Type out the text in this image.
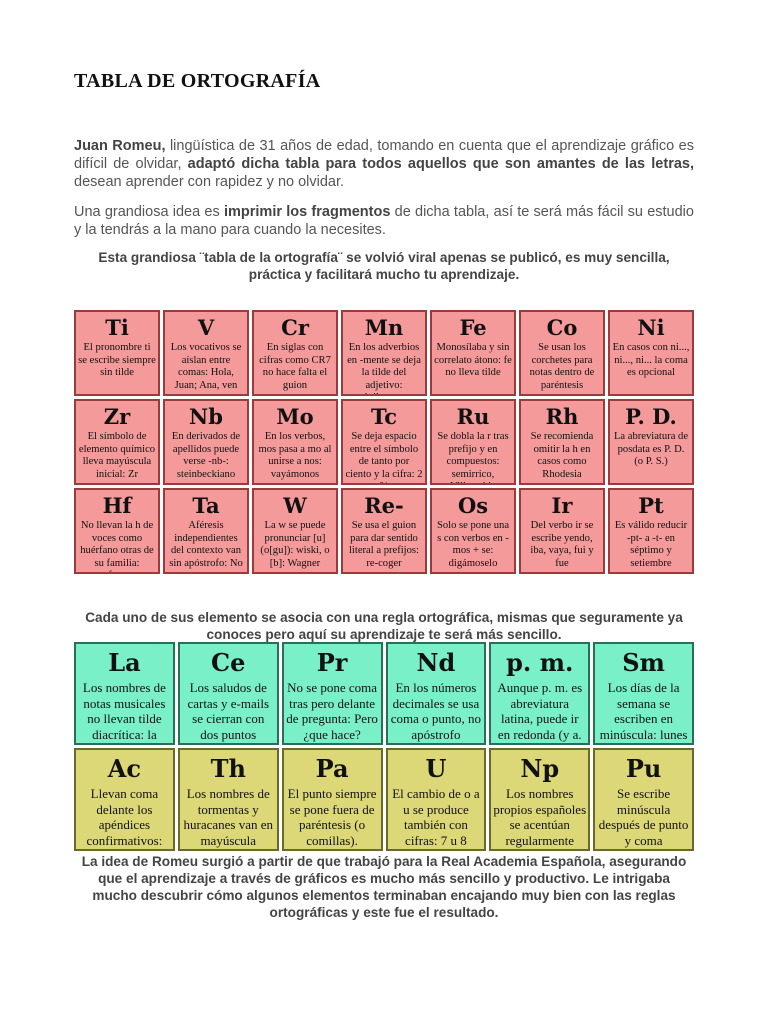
TABLA DE ORTOGRAFÍA

Juan Romeu, lingüística de 31 años de edad, tomando en cuenta que el aprendizaje gráfico es difícil de olvidar, adaptó dicha tabla para todos aquellos que son amantes de las letras, desean aprender con rapidez y no olvidar.

Una grandiosa idea es imprimir los fragmentos de dicha tabla, así te será más fácil su estudio y la tendrás a la mano para cuando la necesites.

Esta grandiosa ¨tabla de la ortografía¨ se volvió viral apenas se publicó, es muy sencilla, práctica y facilitará mucho tu aprendizaje.

Ti
El pronombre ti se escribe siempre sin tilde
V
Los vocativos se aíslan entre comas: Hola, Juan; Ana, ven
Cr
En siglas con cifras como CR7 no hace falta el guion
Mn
En los adverbios en -mente se deja la tilde del adjetivo:
Fe
Monosílaba y sin correlato átono: fe no lleva tilde
Co
Se usan los corchetes para notas dentro de paréntesis
Ni
En casos con ni..., ni..., ni... la coma es opcional
Zr
El símbolo de elemento químico lleva mayúscula inicial: Zr
Nb
En derivados de apellidos puede verse -nb-: steinbeckiano
Mo
En los verbos, mos pasa a mo al unirse a nos: vayámonos
Tc
Se deja espacio entre el símbolo de tanto por ciento y la cifra: 2
Ru
Se dobla la r tras prefijo y en compuestos: semirrico,
Rh
Se recomienda omitir la h en casos como Rhodesia
P. D.
La abreviatura de posdata es P. D. (o P. S.)
Hf
No llevan la h de voces como huérfano otras de su familia:
Ta
Aféresis independientes del contexto van sin apóstrofo: No
W
La w se puede pronunciar [u] (o[gu]): wiski, o [b]: Wagner
Re-
Se usa el guion para dar sentido literal a prefijos: re-coger
Os
Solo se pone una s con verbos en -mos + se: digámoselo
Ir
Del verbo ir se escribe yendo, iba, vaya, fui y fue
Pt
Es válido reducir -pt- a -t- en séptimo y setiembre

Cada uno de sus elemento se asocia con una regla ortográfica, mismas que seguramente ya conoces pero aquí su aprendizaje te será más sencillo.

La
Los nombres de notas musicales no llevan tilde diacrítica: la
Ce
Los saludos de cartas y e-mails se cierran con dos puntos
Pr
No se pone coma tras pero delante de pregunta: Pero ¿que hace?
Nd
En los números decimales se usa coma o punto, no apóstrofo
p. m.
Aunque p. m. es abreviatura latina, puede ir en redonda (y a.
Sm
Los días de la semana se escriben en minúscula: lunes
Ac
Llevan coma delante los apéndices confirmativos:
Th
Los nombres de tormentas y huracanes van en mayúscula
Pa
El punto siempre se pone fuera de paréntesis (o comillas).
U
El cambio de o a u se produce también con cifras: 7 u 8
Np
Los nombres propios españoles se acentúan regularmente
Pu
Se escribe minúscula después de punto y coma

La idea de Romeu surgió a partir de que trabajó para la Real Academia Española, asegurando que el aprendizaje a través de gráficos es mucho más sencillo y productivo. Le intrigaba mucho descubrir cómo algunos elementos terminaban encajando muy bien con las reglas ortográficas y este fue el resultado.
